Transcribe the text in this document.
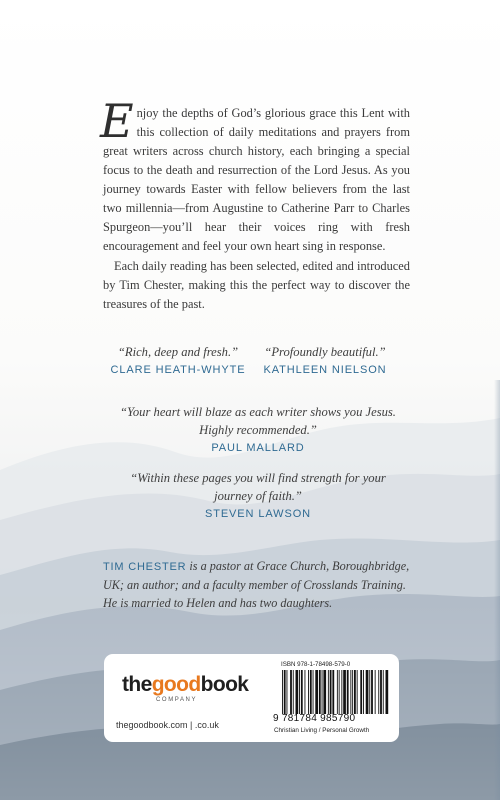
Enjoy the depths of God’s glorious grace this Lent with this collection of daily meditations and prayers from great writers across church history, each bringing a special focus to the death and resurrection of the Lord Jesus. As you journey towards Easter with fellow believers from the last two millennia—from Augustine to Catherine Parr to Charles Spurgeon—you’ll hear their voices ring with fresh encouragement and feel your own heart sing in response.

Each daily reading has been selected, edited and introduced by Tim Chester, making this the perfect way to discover the treasures of the past.

“Rich, deep and fresh.”
CLARE HEATH-WHYTE
“Profoundly beautiful.”
KATHLEEN NIELSON
“Your heart will blaze as each writer shows you Jesus. Highly recommended.”
PAUL MALLARD
“Within these pages you will find strength for your journey of faith.”
STEVEN LAWSON
TIM CHESTER is a pastor at Grace Church, Boroughbridge, UK; an author; and a faculty member of Crosslands Training. He is married to Helen and has two daughters.
thegoodbook
COMPANY
thegoodbook.com | .co.uk
ISBN 978-1-78498-579-0
9 781784 985790
Christian Living / Personal Growth
